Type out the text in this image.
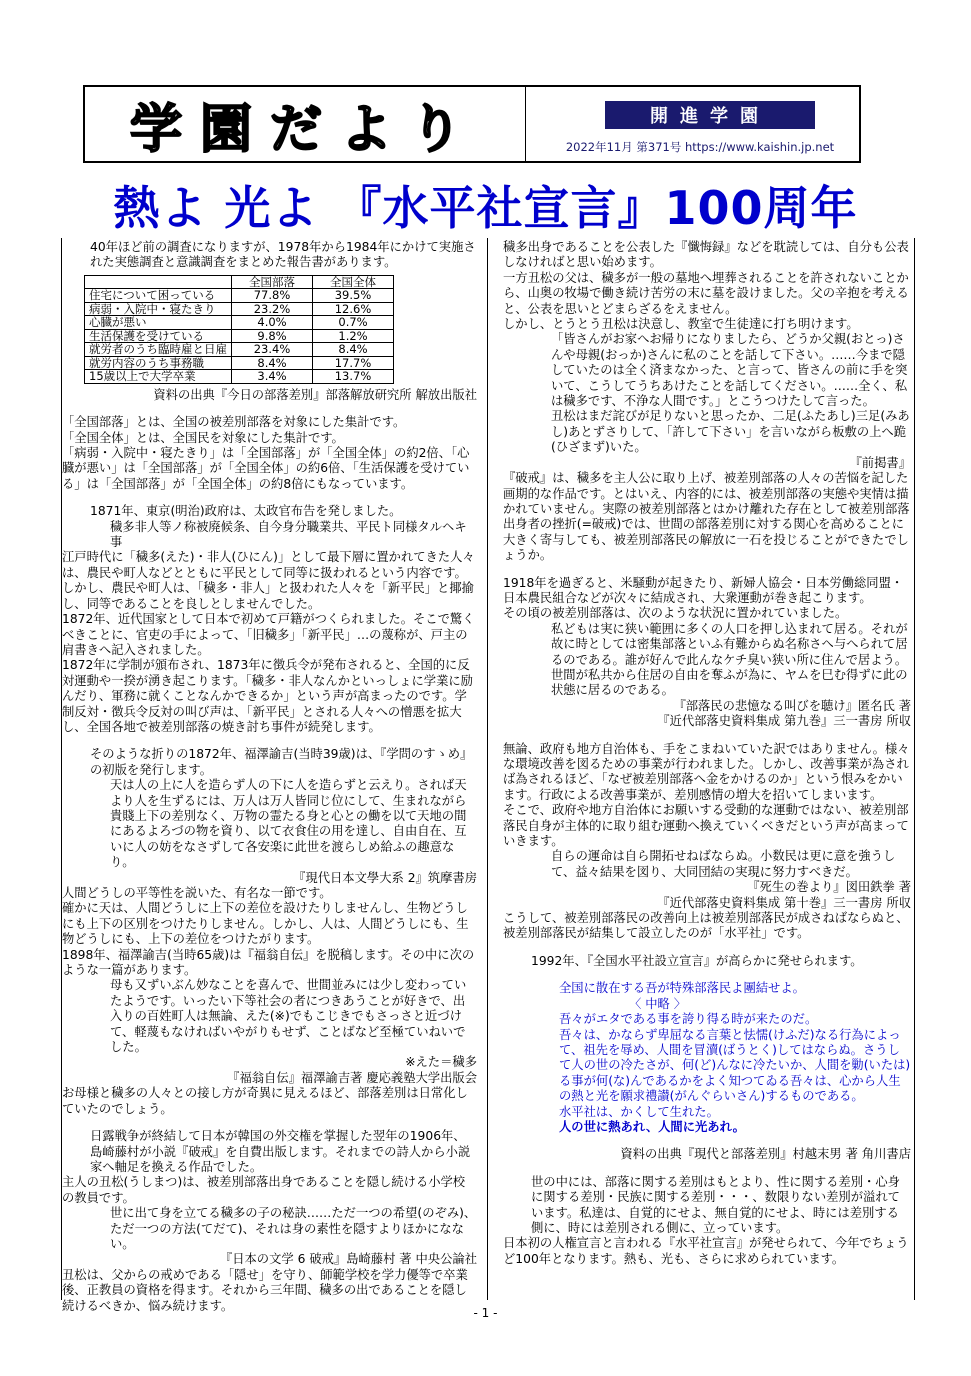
学園だより	開進学園
2022年11月 第371号 https://www.kaishin.jp.net
熱よ 光よ 『水平社宣言』100周年

40年ほど前の調査になりますが、1978年から1984年にかけて実施された実態調査と意識調査をまとめた報告書があります。

	全国部落	全国全体
住宅について困っている	77.8%	39.5%
病弱・入院中・寝たきり	23.2%	12.6%
心臓が悪い	4.0%	0.7%
生活保護を受けている	9.8%	1.2%
就労者のうち臨時雇と日雇	23.4%	8.4%
就労内容のうち事務職	8.4%	17.7%
15歳以上で大学卒業	3.4%	13.7%

資料の出典『今日の部落差別』部落解放研究所 解放出版社

「全国部落」とは、全国の被差別部落を対象にした集計です。

「全国全体」とは、全国民を対象にした集計です。

「病弱・入院中・寝たきり」は「全国部落」が「全国全体」の約2倍、「心臓が悪い」は「全国部落」が「全国全体」の約6倍、「生活保護を受けている」は「全国部落」が「全国全体」の約8倍にもなっています。

1871年、東京(明治)政府は、太政官布告を発しました。

穢多非人等ノ称被廃候条、自今身分職業共、平民ト同様タルヘキ事

江戸時代に「穢多(えた)・非人(ひにん)」として最下層に置かれてきた人々は、農民や町人などとともに平民として同等に扱われるという内容です。

しかし、農民や町人は、「穢多・非人」と扱われた人々を「新平民」と揶揄し、同等であることを良しとしませんでした。

1872年、近代国家として日本で初めて戸籍がつくられました。そこで驚くべきことに、官吏の手によって、「旧穢多」「新平民」…の蔑称が、戸主の肩書きへ記入されました。

1872年に学制が頒布され、1873年に徴兵令が発布されると、全国的に反対運動や一揆が湧き起こります。「穢多・非人なんかといっしょに学業に励んだり、軍務に就くことなんかできるか」という声が高まったのです。学制反対・徴兵令反対の叫び声は、「新平民」とされる人々への憎悪を拡大し、全国各地で被差別部落の焼き討ち事件が続発します。

そのような折りの1872年、福澤諭吉(当時39歳)は、『学問のすゝめ』の初版を発行します。

天は人の上に人を造らず人の下に人を造らずと云えり。されば天より人を生ずるには、万人は万人皆同じ位にして、生まれながら貴賤上下の差別なく、万物の霊たる身と心との働を以て天地の間にあるよろづの物を資り、以て衣食住の用を達し、自由自在、互いに人の妨をなさずして各安楽に此世を渡らしめ給ふの趣意なり。

『現代日本文學大系 2』筑摩書房

人間どうしの平等性を説いた、有名な一節です。

確かに天は、人間どうしに上下の差位を設けたりしませんし、生物どうしにも上下の区別をつけたりしません。しかし、人は、人間どうしにも、生物どうしにも、上下の差位をつけたがります。

1898年、福澤諭吉(当時65歳)は『福翁自伝』を脱稿します。その中に次のような一篇があります。

母も又ずいぶん妙なことを喜んで、世間並みには少し変わっていたようです。いったい下等社会の者につきあうことが好きで、出入りの百姓町人は無論、えた(※)でもこじきでもさっさと近づけて、軽蔑もなければいやがりもせず、ことばなど至極ていねいでした。

※えた＝穢多

『福翁自伝』福澤諭吉著 慶応義塾大学出版会

お母様と穢多の人々との接し方が奇異に見えるほど、部落差別は日常化していたのでしょう。

日露戦争が終結して日本が韓国の外交権を掌握した翌年の1906年、島崎藤村が小説『破戒』を自費出版します。それまでの詩人から小説家へ軸足を換える作品でした。

主人の丑松(うしまつ)は、被差別部落出身であることを隠し続ける小学校の教員です。

世に出て身を立てる穢多の子の秘訣……ただ一つの希望(のぞみ)、ただ一つの方法(てだて)、それは身の素性を隠すよりほかになない。

『日本の文学 6 破戒』島崎藤村 著 中央公論社

丑松は、父からの戒めである「隠せ」を守り、師範学校を学力優等で卒業後、正教員の資格を得ます。それから三年間、穢多の出であることを隠し続けるべきか、悩み続けます。

穢多出身であることを公表した『懺悔録』などを耽読しては、自分も公表しなければと思い始めます。

一方丑松の父は、穢多が一般の墓地へ埋葬されることを許されないことから、山奥の牧場で働き続け苦労の末に墓を設けました。父の辛抱を考えると、公表を思いとどまらざるをえません。

しかし、とうとう丑松は決意し、教室で生徒達に打ち明けます。

「皆さんがお家へお帰りになりましたら、どうか父親(おとっ)さんや母親(おっか)さんに私のことを話して下さい。……今まで隠していたのは全く済まなかった、と言って、皆さんの前に手を突いて、こうしてうちあけたことを話してください。……全く、私は穢多です、不浄な人間です。」とこうつけたして言った。

丑松はまだ詫びが足りないと思ったか、二足(ふたあし)三足(みあし)あとずさりして、「許して下さい」を言いながら板敷の上へ跪(ひざまず)いた。

『前掲書』

『破戒』は、穢多を主人公に取り上げ、被差別部落の人々の苦悩を記した画期的な作品です。とはいえ、内容的には、被差別部落の実態や実情は描かれていません。実際の被差別部落とはかけ離れた存在として被差別部落出身者の挫折(=破戒)では、世間の部落差別に対する関心を高めることに大きく寄与しても、被差別部落民の解放に一石を投じることができたでしょうか。

1918年を過ぎると、米騒動が起きたり、新婦人協会・日本労働総同盟・日本農民組合などが次々に結成され、大衆運動が巻き起こります。

その頃の被差別部落は、次のような状況に置かれていました。

私どもは実に狭い範囲に多くの人口を押し込まれて居る。それが故に時としては密集部落といふ有難からぬ名称さへ与へられて居るのである。誰が好んで此んなケチ臭い狭い所に住んで居よう。世間が私共から住居の自由を奪ふが為に、ヤムを巳む得ずに此の状態に居るのである。

『部落民の悲憶なる叫びを聴け』匿名氏 著

『近代部落史資料集成 第九巻』三一書房 所収

無論、政府も地方自治体も、手をこまねいていた訳ではありません。様々な環境改善を図るための事業が行われました。しかし、改善事業が為されば為されるほど、「なぜ被差別部落へ金をかけるのか」という恨みをかいます。行政による改善事業が、差別感情の増大を招いてしまいます。

そこで、政府や地方自治体にお願いする受動的な運動ではない、被差別部落民自身が主体的に取り組む運動へ換えていくべきだという声が高まっていきます。

自らの運命は自ら開拓せねばならぬ。小数民は更に意を強うして、益々結果を図り、大同団結の実現に努力すべきだ。

『死生の巻より』図田鉄拳 著

『近代部落史資料集成 第十巻』三一書房 所収

こうして、被差別部落民の改善向上は被差別部落民が成さねばならぬと、被差別部落民が結集して設立したのが「水平社」です。

1992年、『全国水平社設立宣言』が高らかに発せられます。

全国に散在する吾が特殊部落民よ團結せよ。

〈 中略 〉

吾々がエタである事を誇り得る時が来たのだ。

吾々は、かならず卑屈なる言葉と怯懦(けふだ)なる行為によって、祖先を辱め、人間を冒瀆(ばうとく)してはならぬ。さうして人の世の冷たさが、何(ど)んなに冷たいか、人間を勦(いたは)る事が何(な)んであるかをよく知つてゐる吾々は、心から人生の熱と光を願求禮讃(がんぐらいさん)するものである。

水平社は、かくして生れた。

人の世に熱あれ、人間に光あれ。

資料の出典『現代と部落差別』村越末男 著 角川書店

世の中には、部落に関する差別はもとより、性に関する差別・心身に関する差別・民族に関する差別・・・、数限りない差別が溢れています。私達は、自覚的にせよ、無自覚的にせよ、時には差別する側に、時には差別される側に、立っています。

日本初の人権宣言と言われる『水平社宣言』が発せられて、今年でちょうど100年となります。熱も、光も、さらに求められています。

- 1 -
